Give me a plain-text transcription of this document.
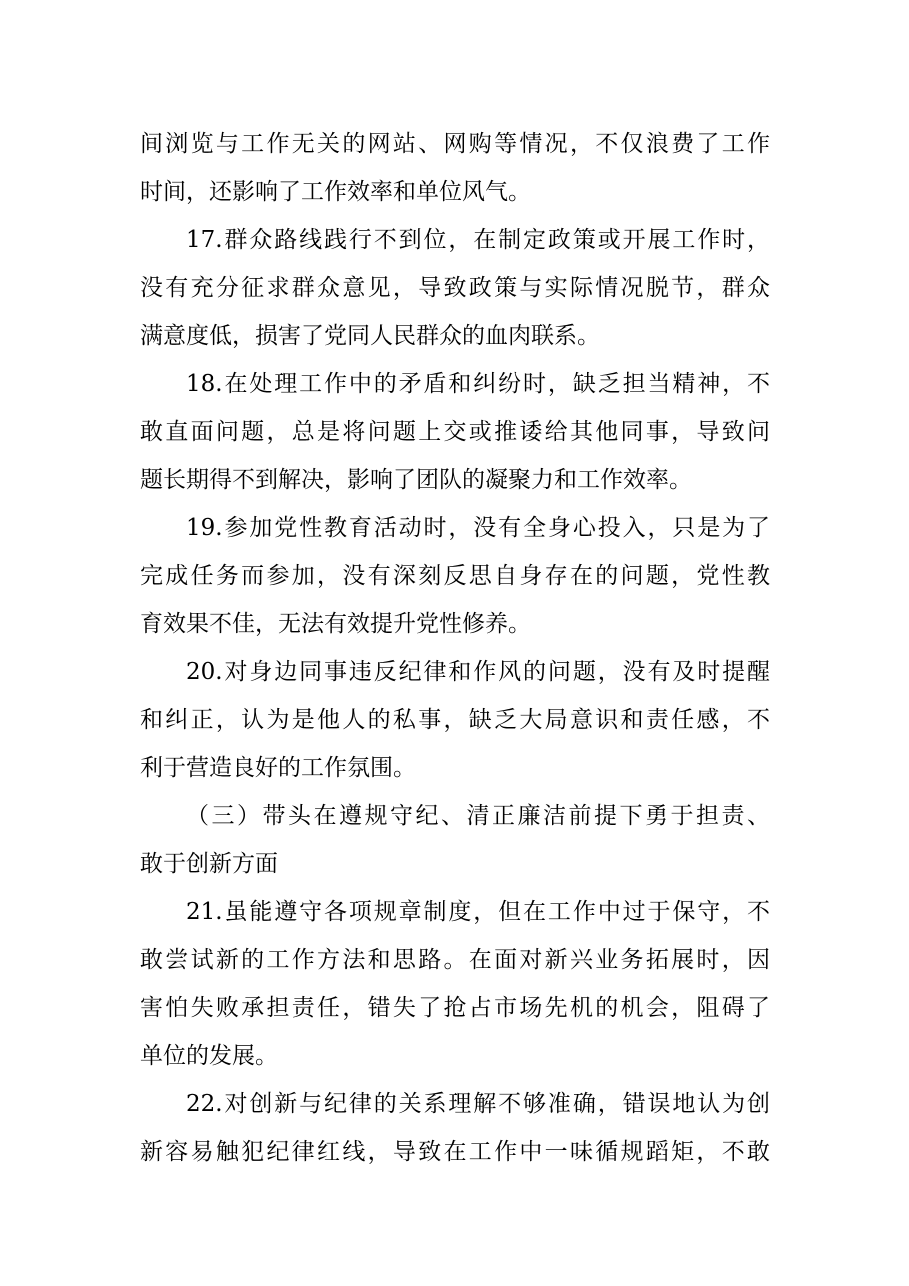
间浏览与工作无关的网站、网购等情况，不仅浪费了工作
时间，还影响了工作效率和单位风气。
17.群众路线践行不到位，在制定政策或开展工作时，
没有充分征求群众意见，导致政策与实际情况脱节，群众
满意度低，损害了党同人民群众的血肉联系。
18.在处理工作中的矛盾和纠纷时，缺乏担当精神，不
敢直面问题，总是将问题上交或推诿给其他同事，导致问
题长期得不到解决，影响了团队的凝聚力和工作效率。
19.参加党性教育活动时，没有全身心投入，只是为了
完成任务而参加，没有深刻反思自身存在的问题，党性教
育效果不佳，无法有效提升党性修养。
20.对身边同事违反纪律和作风的问题，没有及时提醒
和纠正，认为是他人的私事，缺乏大局意识和责任感，不
利于营造良好的工作氛围。
（三）带头在遵规守纪、清正廉洁前提下勇于担责、
敢于创新方面
21.虽能遵守各项规章制度，但在工作中过于保守，不
敢尝试新的工作方法和思路。在面对新兴业务拓展时，因
害怕失败承担责任，错失了抢占市场先机的机会，阻碍了
单位的发展。
22.对创新与纪律的关系理解不够准确，错误地认为创
新容易触犯纪律红线，导致在工作中一味循规蹈矩，不敢
